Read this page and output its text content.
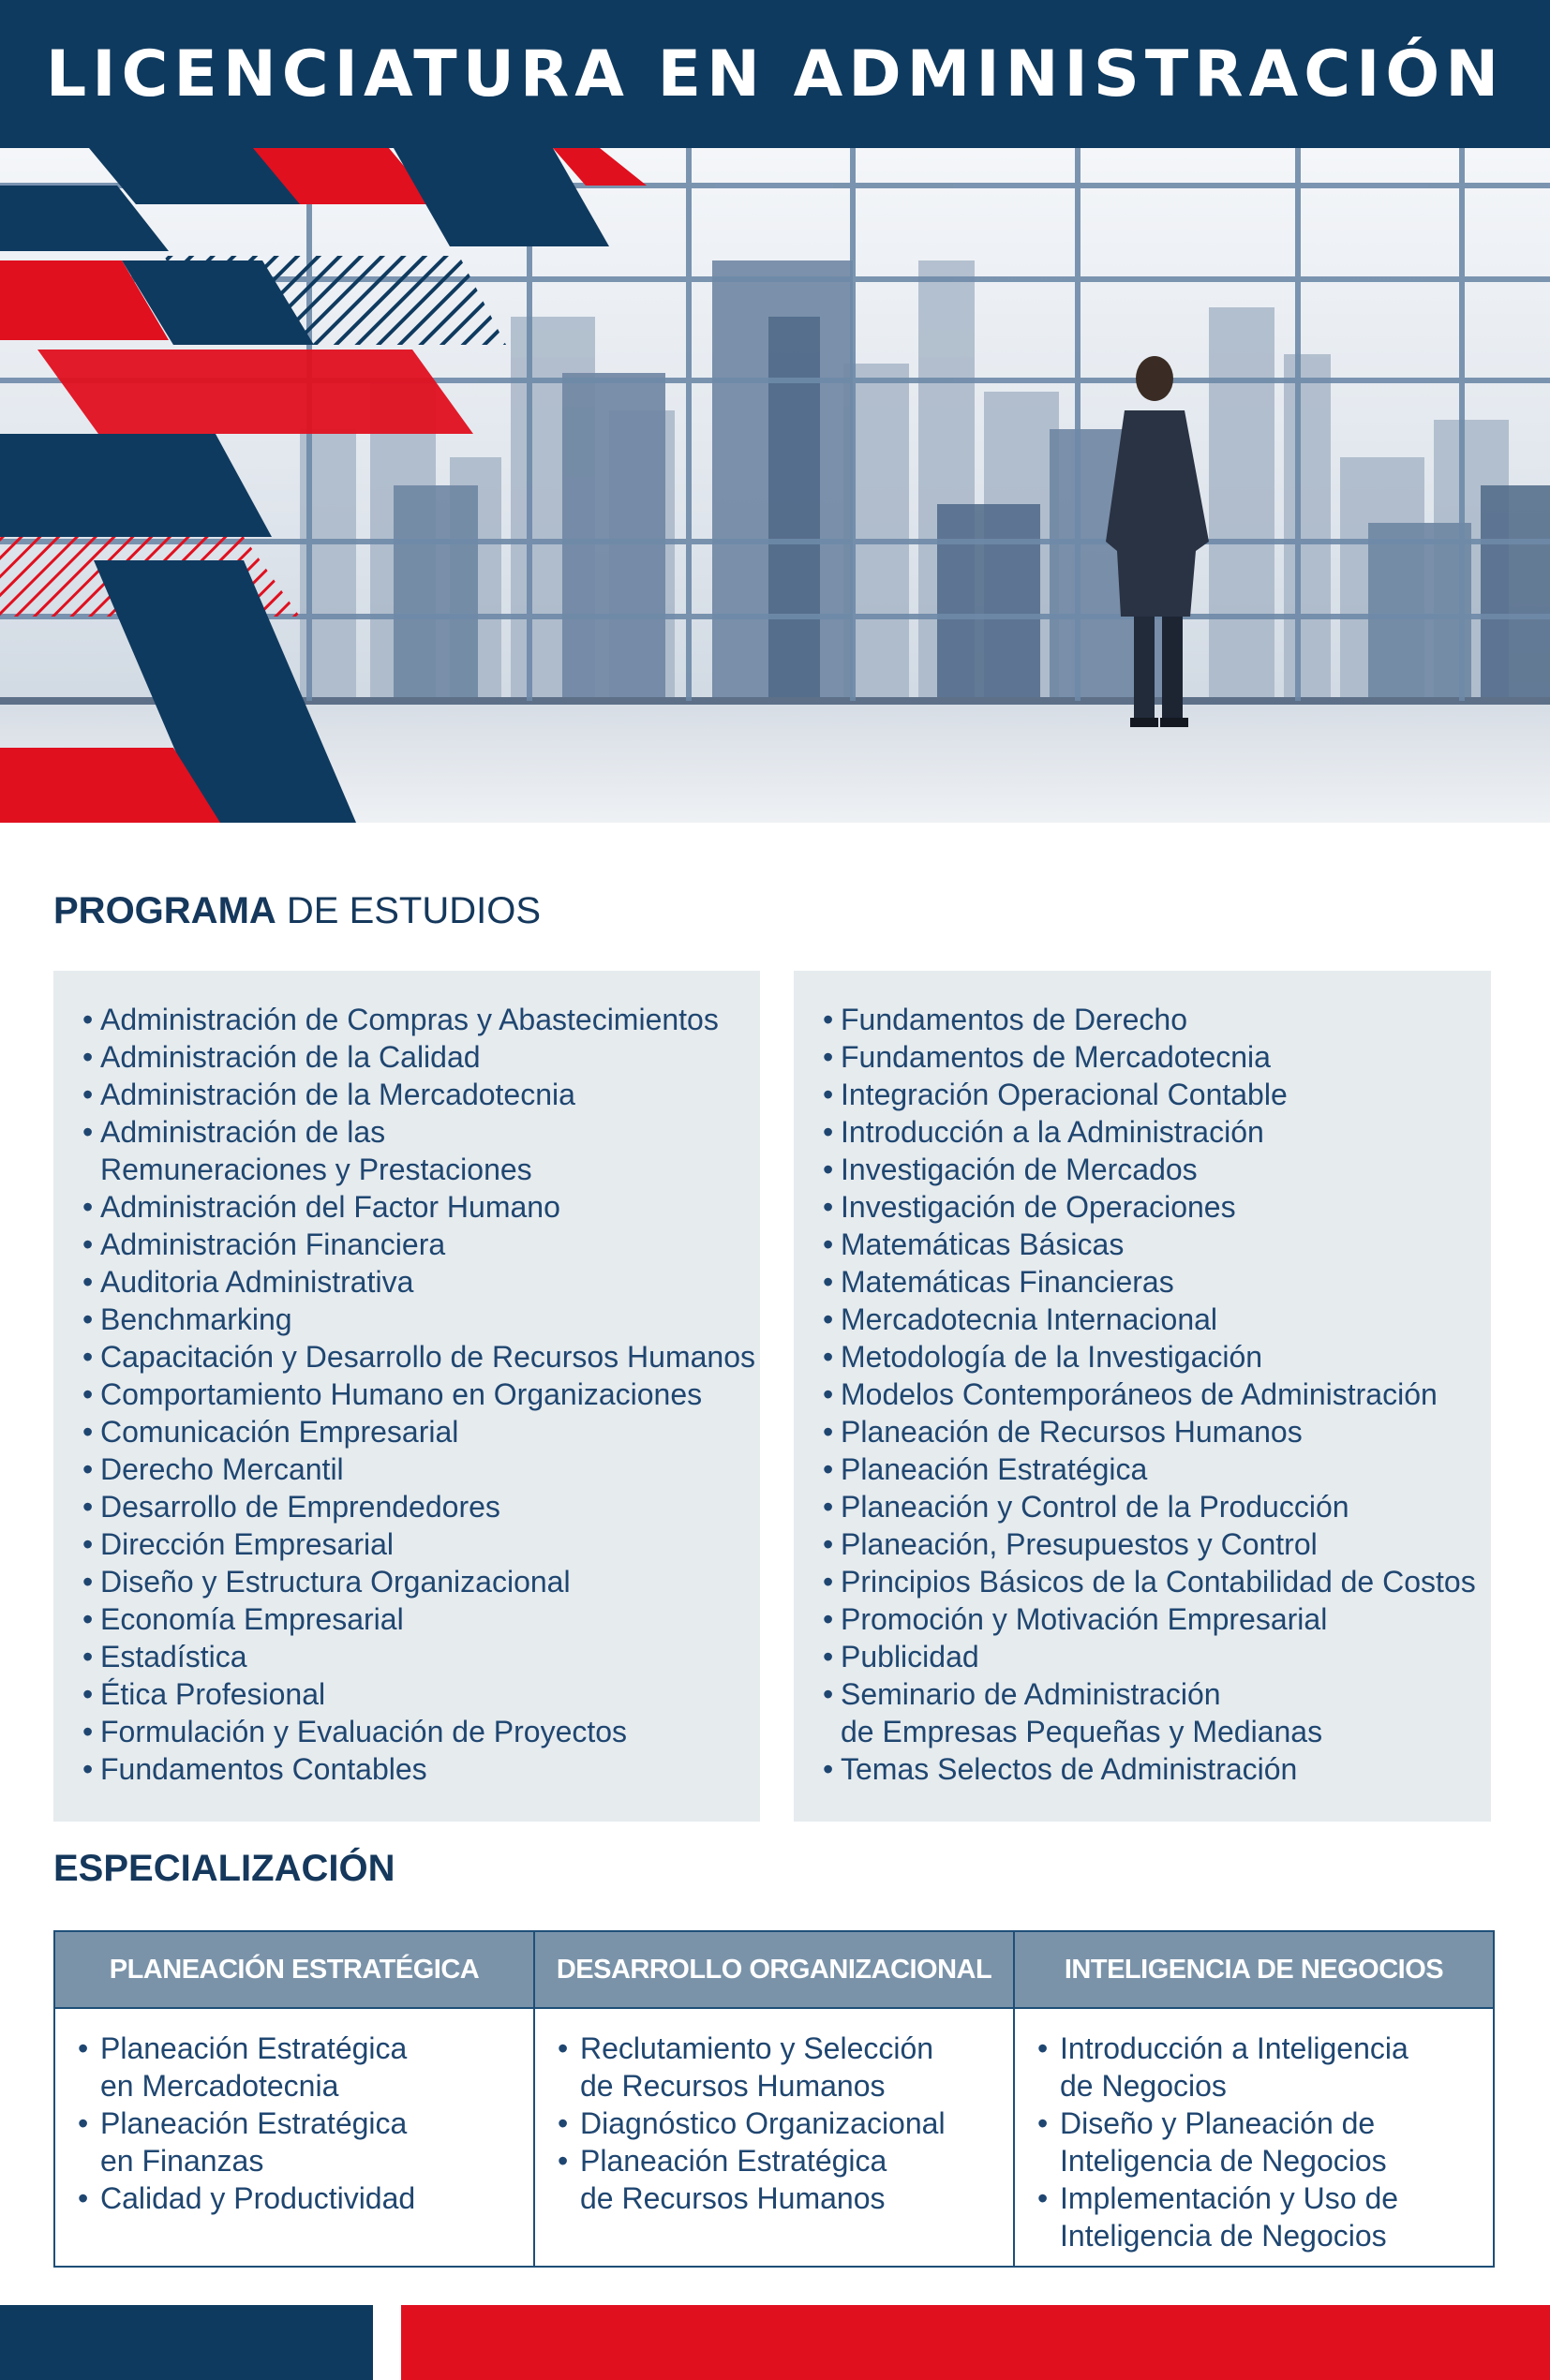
LICENCIATURA EN ADMINISTRACIÓN
PROGRAMA DE ESTUDIOS
• Administración de Compras y Abastecimientos
• Administración de la Calidad
• Administración de la Mercadotecnia
• Administración de las
Remuneraciones y Prestaciones
• Administración del Factor Humano
• Administración Financiera
• Auditoria Administrativa
• Benchmarking
• Capacitación y Desarrollo de Recursos Humanos
• Comportamiento Humano en Organizaciones
• Comunicación Empresarial
• Derecho Mercantil
• Desarrollo de Emprendedores
• Dirección Empresarial
• Diseño y Estructura Organizacional
• Economía Empresarial
• Estadística
• Ética Profesional
• Formulación y Evaluación de Proyectos
• Fundamentos Contables
• Fundamentos de Derecho
• Fundamentos de Mercadotecnia
• Integración Operacional Contable
• Introducción a la Administración
• Investigación de Mercados
• Investigación de Operaciones
• Matemáticas Básicas
• Matemáticas Financieras
• Mercadotecnia Internacional
• Metodología de la Investigación
• Modelos Contemporáneos de Administración
• Planeación de Recursos Humanos
• Planeación Estratégica
• Planeación y Control de la Producción
• Planeación, Presupuestos y Control
• Principios Básicos de la Contabilidad de Costos
• Promoción y Motivación Empresarial
• Publicidad
• Seminario de Administración
de Empresas Pequeñas y Medianas
• Temas Selectos de Administración
ESPECIALIZACIÓN
PLANEACIÓN ESTRATÉGICA
• Planeación Estratégica
en Mercadotecnia
• Planeación Estratégica
en Finanzas
• Calidad y Productividad
DESARROLLO ORGANIZACIONAL
• Reclutamiento y Selección
de Recursos Humanos
• Diagnóstico Organizacional
• Planeación Estratégica
de Recursos Humanos
INTELIGENCIA DE NEGOCIOS
• Introducción a Inteligencia
de Negocios
• Diseño y Planeación de
Inteligencia de Negocios
• Implementación y Uso de
Inteligencia de Negocios
